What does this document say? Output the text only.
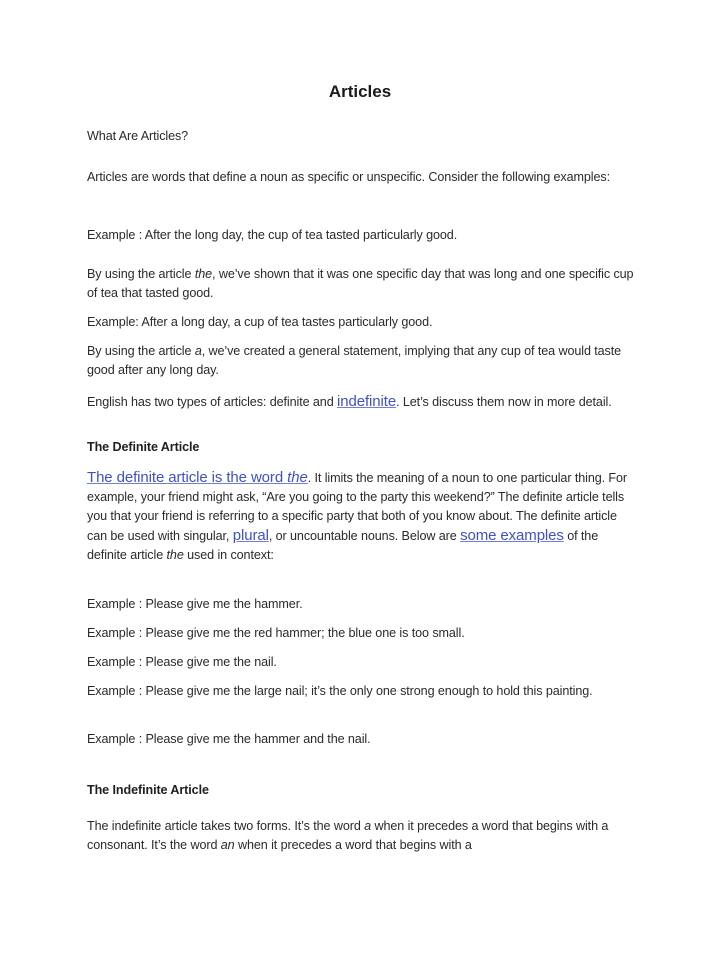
Articles

What Are Articles?

Articles are words that define a noun as specific or unspecific. Consider the following examples:

Example : After the long day, the cup of tea tasted particularly good.

By using the article the, we’ve shown that it was one specific day that was long and one specific cup of tea that tasted good.

Example: After a long day, a cup of tea tastes particularly good.

By using the article a, we’ve created a general statement, implying that any cup of tea would taste good after any long day.

English has two types of articles: definite and indefinite. Let’s discuss them now in more detail.

The Definite Article

The definite article is the word the. It limits the meaning of a noun to one particular thing. For example, your friend might ask, “Are you going to the party this weekend?” The definite article tells you that your friend is referring to a specific party that both of you know about. The definite article can be used with singular, plural, or uncountable nouns. Below are some examples of the definite article the used in context:

Example : Please give me the hammer.

Example : Please give me the red hammer; the blue one is too small.

Example : Please give me the nail.

Example : Please give me the large nail; it’s the only one strong enough to hold this painting.

Example : Please give me the hammer and the nail.

The Indefinite Article

The indefinite article takes two forms. It’s the word a when it precedes a word that begins with a consonant. It’s the word an when it precedes a word that begins with a
